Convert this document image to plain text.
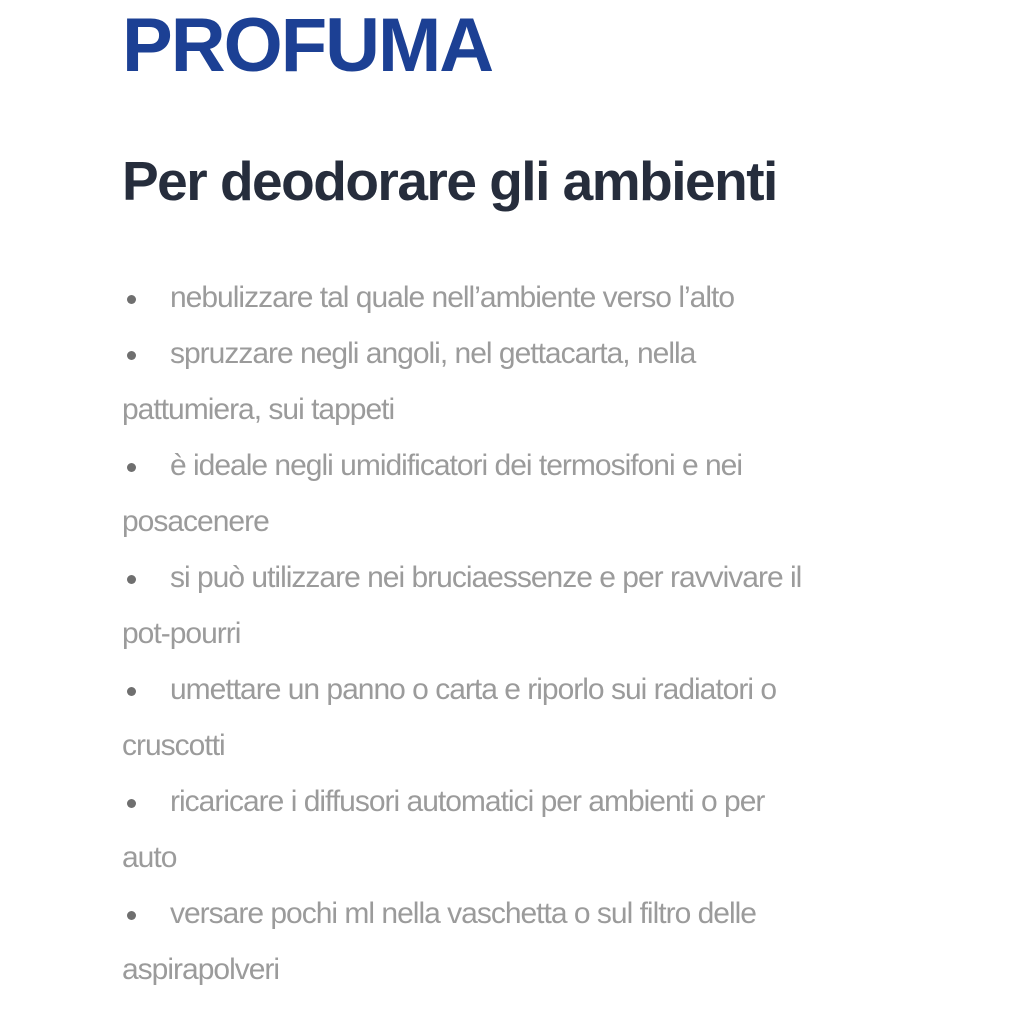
PROFUMA
Per deodorare gli ambienti
nebulizzare tal quale nell’ambiente verso l’alto
spruzzare negli angoli, nel gettacarta, nella
pattumiera, sui tappeti
è ideale negli umidificatori dei termosifoni e nei
posacenere
si può utilizzare nei bruciaessenze e per ravvivare il
pot-pourri
umettare un panno o carta e riporlo sui radiatori o
cruscotti
ricaricare i diffusori automatici per ambienti o per
auto
versare pochi ml nella vaschetta o sul filtro delle
aspirapolveri
